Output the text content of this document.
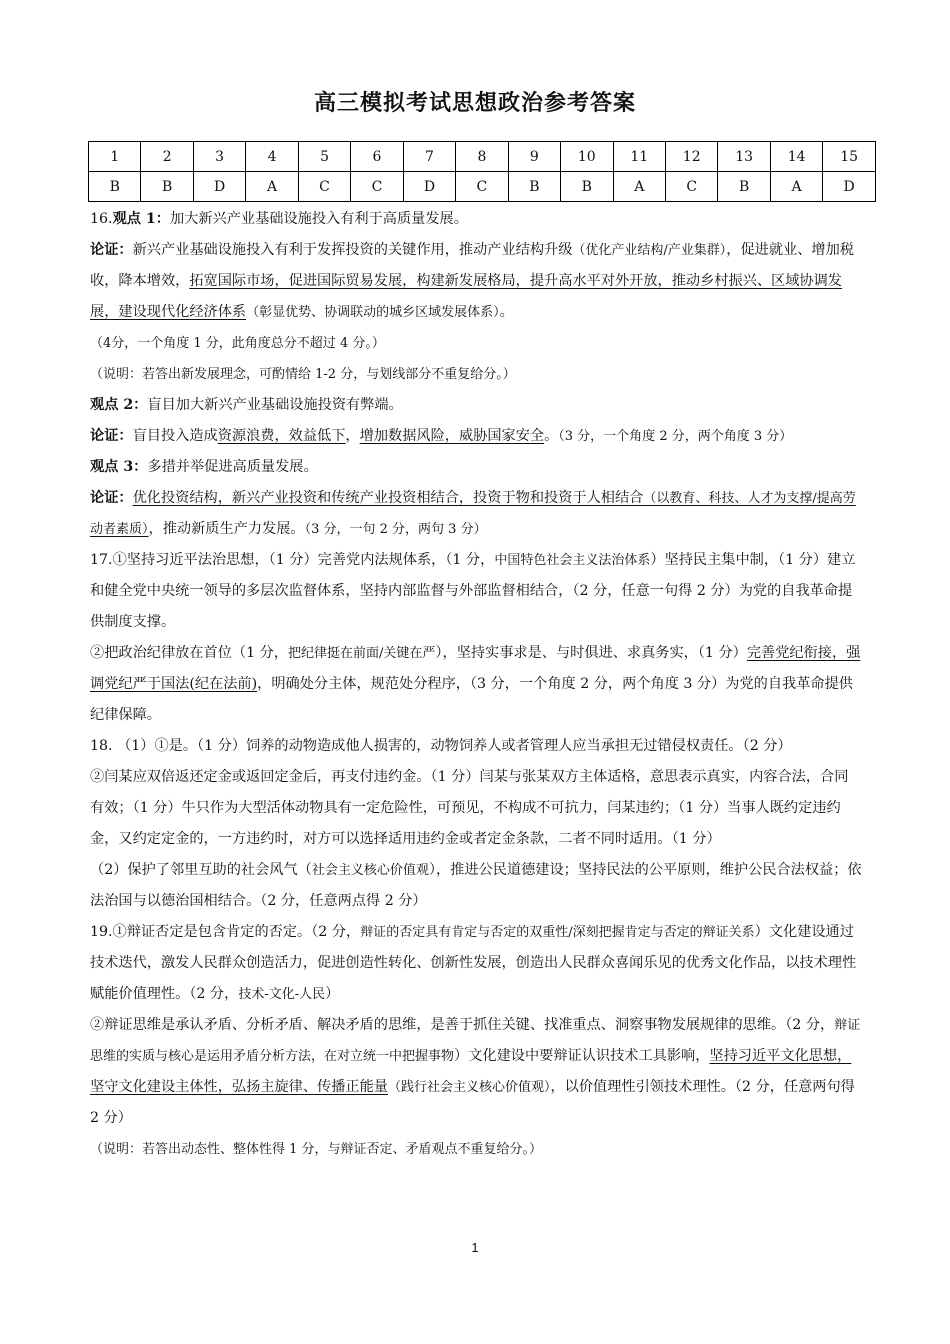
高三模拟考试思想政治参考答案
1	2	3	4	5	6	7	8	9	10	11	12	13	14	15
B	B	D	A	C	C	D	C	B	B	A	C	B	A	D

16.观点 1：加大新兴产业基础设施投入有利于高质量发展。

论证：新兴产业基础设施投入有利于发挥投资的关键作用，推动产业结构升级（优化产业结构/产业集群），促进就业、增加税收，降本增效，拓宽国际市场，促进国际贸易发展，构建新发展格局，提升高水平对外开放，推动乡村振兴、区域协调发展，建设现代化经济体系（彰显优势、协调联动的城乡区域发展体系）。

（4分，一个角度 1 分，此角度总分不超过 4 分。）

（说明：若答出新发展理念，可酌情给 1-2 分，与划线部分不重复给分。）

观点 2：盲目加大新兴产业基础设施投资有弊端。

论证：盲目投入造成资源浪费，效益低下，增加数据风险，威胁国家安全。（3 分，一个角度 2 分，两个角度 3 分）

观点 3：多措并举促进高质量发展。

论证：优化投资结构，新兴产业投资和传统产业投资相结合，投资于物和投资于人相结合（以教育、科技、人才为支撑/提高劳动者素质），推动新质生产力发展。（3 分，一句 2 分，两句 3 分）

17.①坚持习近平法治思想，（1 分）完善党内法规体系，（1 分，中国特色社会主义法治体系）坚持民主集中制，（1 分）建立和健全党中央统一领导的多层次监督体系，坚持内部监督与外部监督相结合，（2 分，任意一句得 2 分）为党的自我革命提供制度支撑。

②把政治纪律放在首位（1 分，把纪律挺在前面/关键在严），坚持实事求是、与时俱进、求真务实，（1 分）完善党纪衔接，强调党纪严于国法(纪在法前)，明确处分主体，规范处分程序，（3 分，一个角度 2 分，两个角度 3 分）为党的自我革命提供纪律保障。

18. （1）①是。（1 分）饲养的动物造成他人损害的，动物饲养人或者管理人应当承担无过错侵权责任。（2 分）

②闫某应双倍返还定金或返回定金后，再支付违约金。（1 分）闫某与张某双方主体适格，意思表示真实，内容合法，合同有效；（1 分）牛只作为大型活体动物具有一定危险性，可预见，不构成不可抗力，闫某违约；（1 分）当事人既约定违约金，又约定定金的，一方违约时，对方可以选择适用违约金或者定金条款，二者不同时适用。（1 分）

（2）保护了邻里互助的社会风气（社会主义核心价值观），推进公民道德建设；坚持民法的公平原则，维护公民合法权益；依法治国与以德治国相结合。（2 分，任意两点得 2 分）

19.①辩证否定是包含肯定的否定。（2 分，辩证的否定具有肯定与否定的双重性/深刻把握肯定与否定的辩证关系）文化建设通过技术迭代，激发人民群众创造活力，促进创造性转化、创新性发展，创造出人民群众喜闻乐见的优秀文化作品，以技术理性赋能价值理性。（2 分，技术-文化-人民）

②辩证思维是承认矛盾、分析矛盾、解决矛盾的思维，是善于抓住关键、找准重点、洞察事物发展规律的思维。（2 分，辩证思维的实质与核心是运用矛盾分析方法，在对立统一中把握事物）文化建设中要辩证认识技术工具影响，坚持习近平文化思想，坚守文化建设主体性，弘扬主旋律、传播正能量（践行社会主义核心价值观），以价值理性引领技术理性。（2 分，任意两句得 2 分）

（说明：若答出动态性、整体性得 1 分，与辩证否定、矛盾观点不重复给分。）

1
